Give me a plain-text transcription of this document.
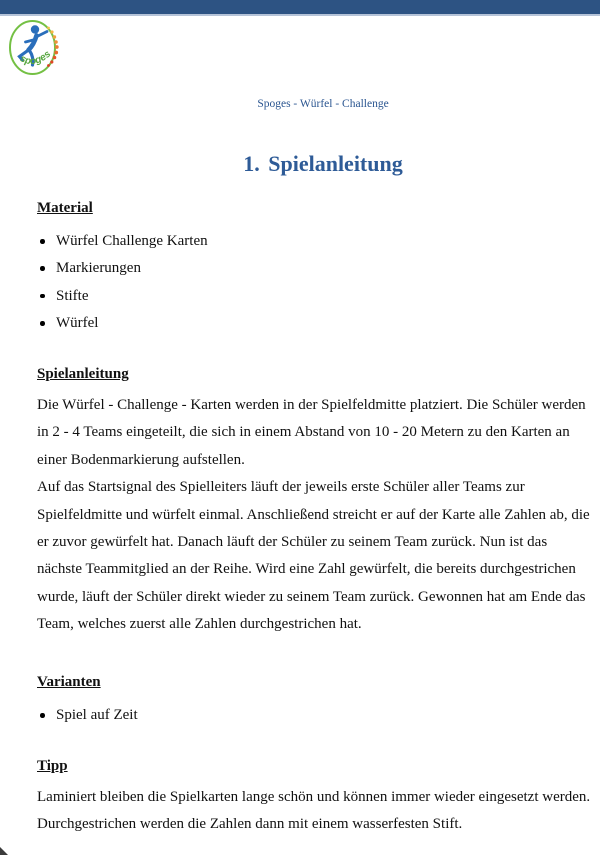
spoges
Spoges - Würfel - Challenge
1. Spielanleitung
Material
Würfel Challenge Karten
Markierungen
Stifte
Würfel
Spielanleitung
Die Würfel - Challenge - Karten werden in der Spielfeldmitte platziert. Die Schüler werden
in 2 - 4 Teams eingeteilt, die sich in einem Abstand von 10 - 20 Metern zu den Karten an
einer Bodenmarkierung aufstellen.
Auf das Startsignal des Spielleiters läuft der jeweils erste Schüler aller Teams zur
Spielfeldmitte und würfelt einmal. Anschließend streicht er auf der Karte alle Zahlen ab, die
er zuvor gewürfelt hat. Danach läuft der Schüler zu seinem Team zurück. Nun ist das
nächste Teammitglied an der Reihe. Wird eine Zahl gewürfelt, die bereits durchgestrichen
wurde, läuft der Schüler direkt wieder zu seinem Team zurück. Gewonnen hat am Ende das
Team, welches zuerst alle Zahlen durchgestrichen hat.
Varianten
Spiel auf Zeit
Tipp
Laminiert bleiben die Spielkarten lange schön und können immer wieder eingesetzt werden.
Durchgestrichen werden die Zahlen dann mit einem wasserfesten Stift.
